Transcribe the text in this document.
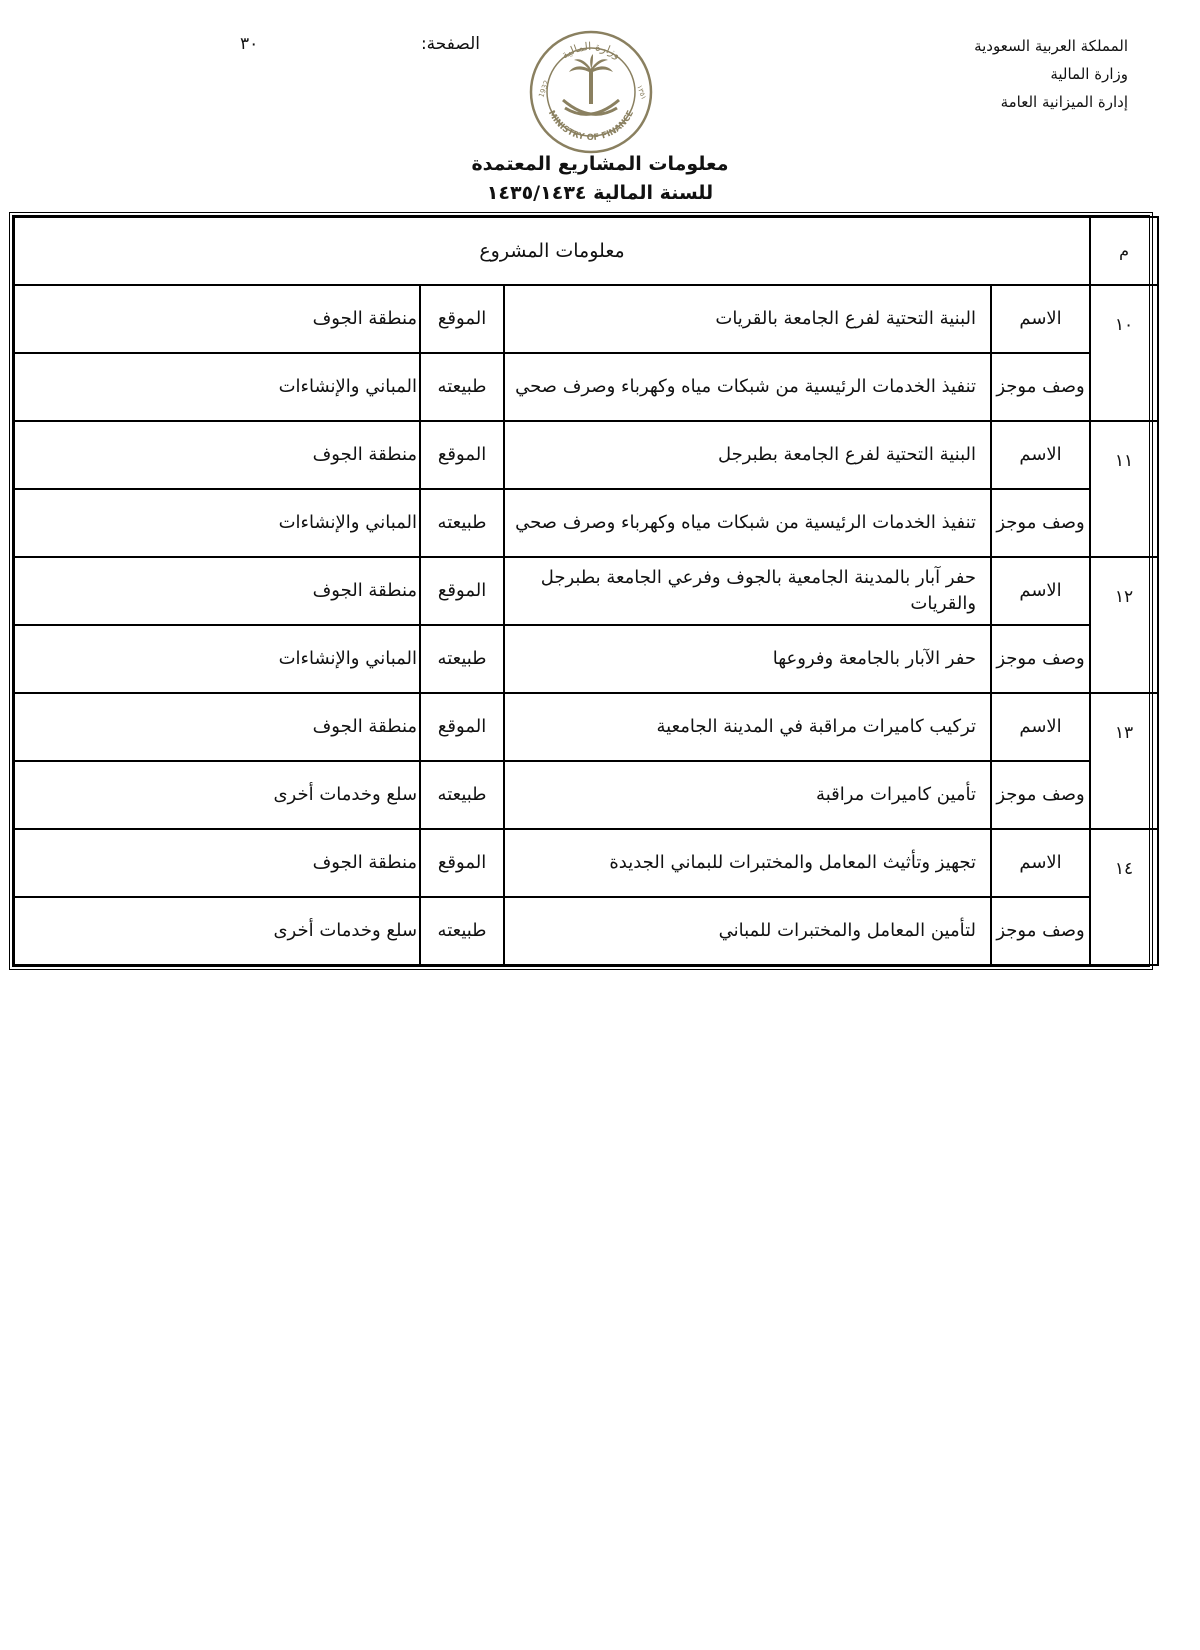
المملكة العربية السعودية
وزارة المالية
إدارة الميزانية العامة
الصفحة:
٣٠
وزارة المالية
MINISTRY OF FINANCE
1932	١٣٥١
معلومات المشاريع المعتمدة
للسنة المالية ١٤٣٥/١٤٣٤
م	معلومات المشروع			
١٠	الاسم	البنية التحتية لفرع الجامعة بالقريات	الموقع	منطقة الجوف
	وصف موجز	تنفيذ الخدمات الرئيسية من شبكات مياه وكهرباء وصرف صحي	طبيعته	المباني والإنشاءات
١١	الاسم	البنية التحتية لفرع الجامعة بطبرجل	الموقع	منطقة الجوف
	وصف موجز	تنفيذ الخدمات الرئيسية من شبكات مياه وكهرباء وصرف صحي	طبيعته	المباني والإنشاءات
١٢	الاسم	حفر آبار بالمدينة الجامعية بالجوف وفرعي الجامعة بطبرجل والقريات	الموقع	منطقة الجوف
	وصف موجز	حفر الآبار بالجامعة وفروعها	طبيعته	المباني والإنشاءات
١٣	الاسم	تركيب كاميرات مراقبة في المدينة الجامعية	الموقع	منطقة الجوف
	وصف موجز	تأمين كاميرات مراقبة	طبيعته	سلع وخدمات أخرى
١٤	الاسم	تجهيز وتأثيث المعامل والمختبرات للبماني الجديدة	الموقع	منطقة الجوف
	وصف موجز	لتأمين المعامل والمختبرات للمباني	طبيعته	سلع وخدمات أخرى
